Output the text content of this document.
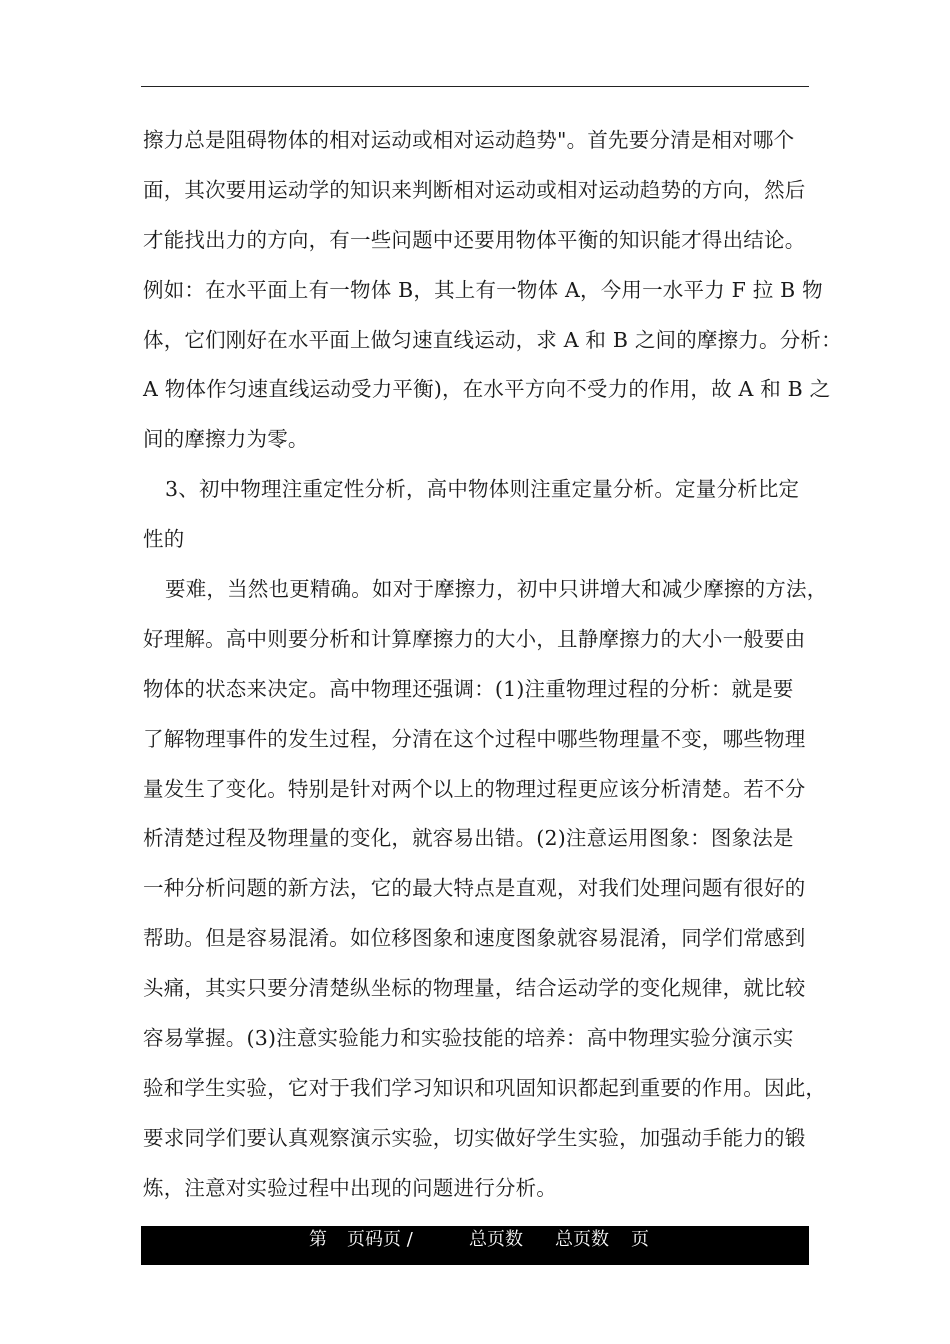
擦力总是阻碍物体的相对运动或相对运动趋势"。首先要分清是相对哪个
面，其次要用运动学的知识来判断相对运动或相对运动趋势的方向，然后
才能找出力的方向，有一些问题中还要用物体平衡的知识能才得出结论。
例如：在水平面上有一物体 B，其上有一物体 A，今用一水平力 F 拉 B 物
体，它们刚好在水平面上做匀速直线运动，求 A 和 B 之间的摩擦力。分析：
A 物体作匀速直线运动受力平衡)，在水平方向不受力的作用，故 A 和 B 之
间的摩擦力为零。
3、初中物理注重定性分析，高中物体则注重定量分析。定量分析比定
性的
要难，当然也更精确。如对于摩擦力，初中只讲增大和减少摩擦的方法，
好理解。高中则要分析和计算摩擦力的大小，且静摩擦力的大小一般要由
物体的状态来决定。高中物理还强调：(1)注重物理过程的分析：就是要
了解物理事件的发生过程，分清在这个过程中哪些物理量不变，哪些物理
量发生了变化。特别是针对两个以上的物理过程更应该分析清楚。若不分
析清楚过程及物理量的变化，就容易出错。(2)注意运用图象：图象法是
一种分析问题的新方法，它的最大特点是直观，对我们处理问题有很好的
帮助。但是容易混淆。如位移图象和速度图象就容易混淆，同学们常感到
头痛，其实只要分清楚纵坐标的物理量，结合运动学的变化规律，就比较
容易掌握。(3)注意实验能力和实验技能的培养：高中物理实验分演示实
验和学生实验，它对于我们学习知识和巩固知识都起到重要的作用。因此，
要求同学们要认真观察演示实验，切实做好学生实验，加强动手能力的锻
炼，注意对实验过程中出现的问题进行分析。
第 页码页 /	总页数 总页数 页
